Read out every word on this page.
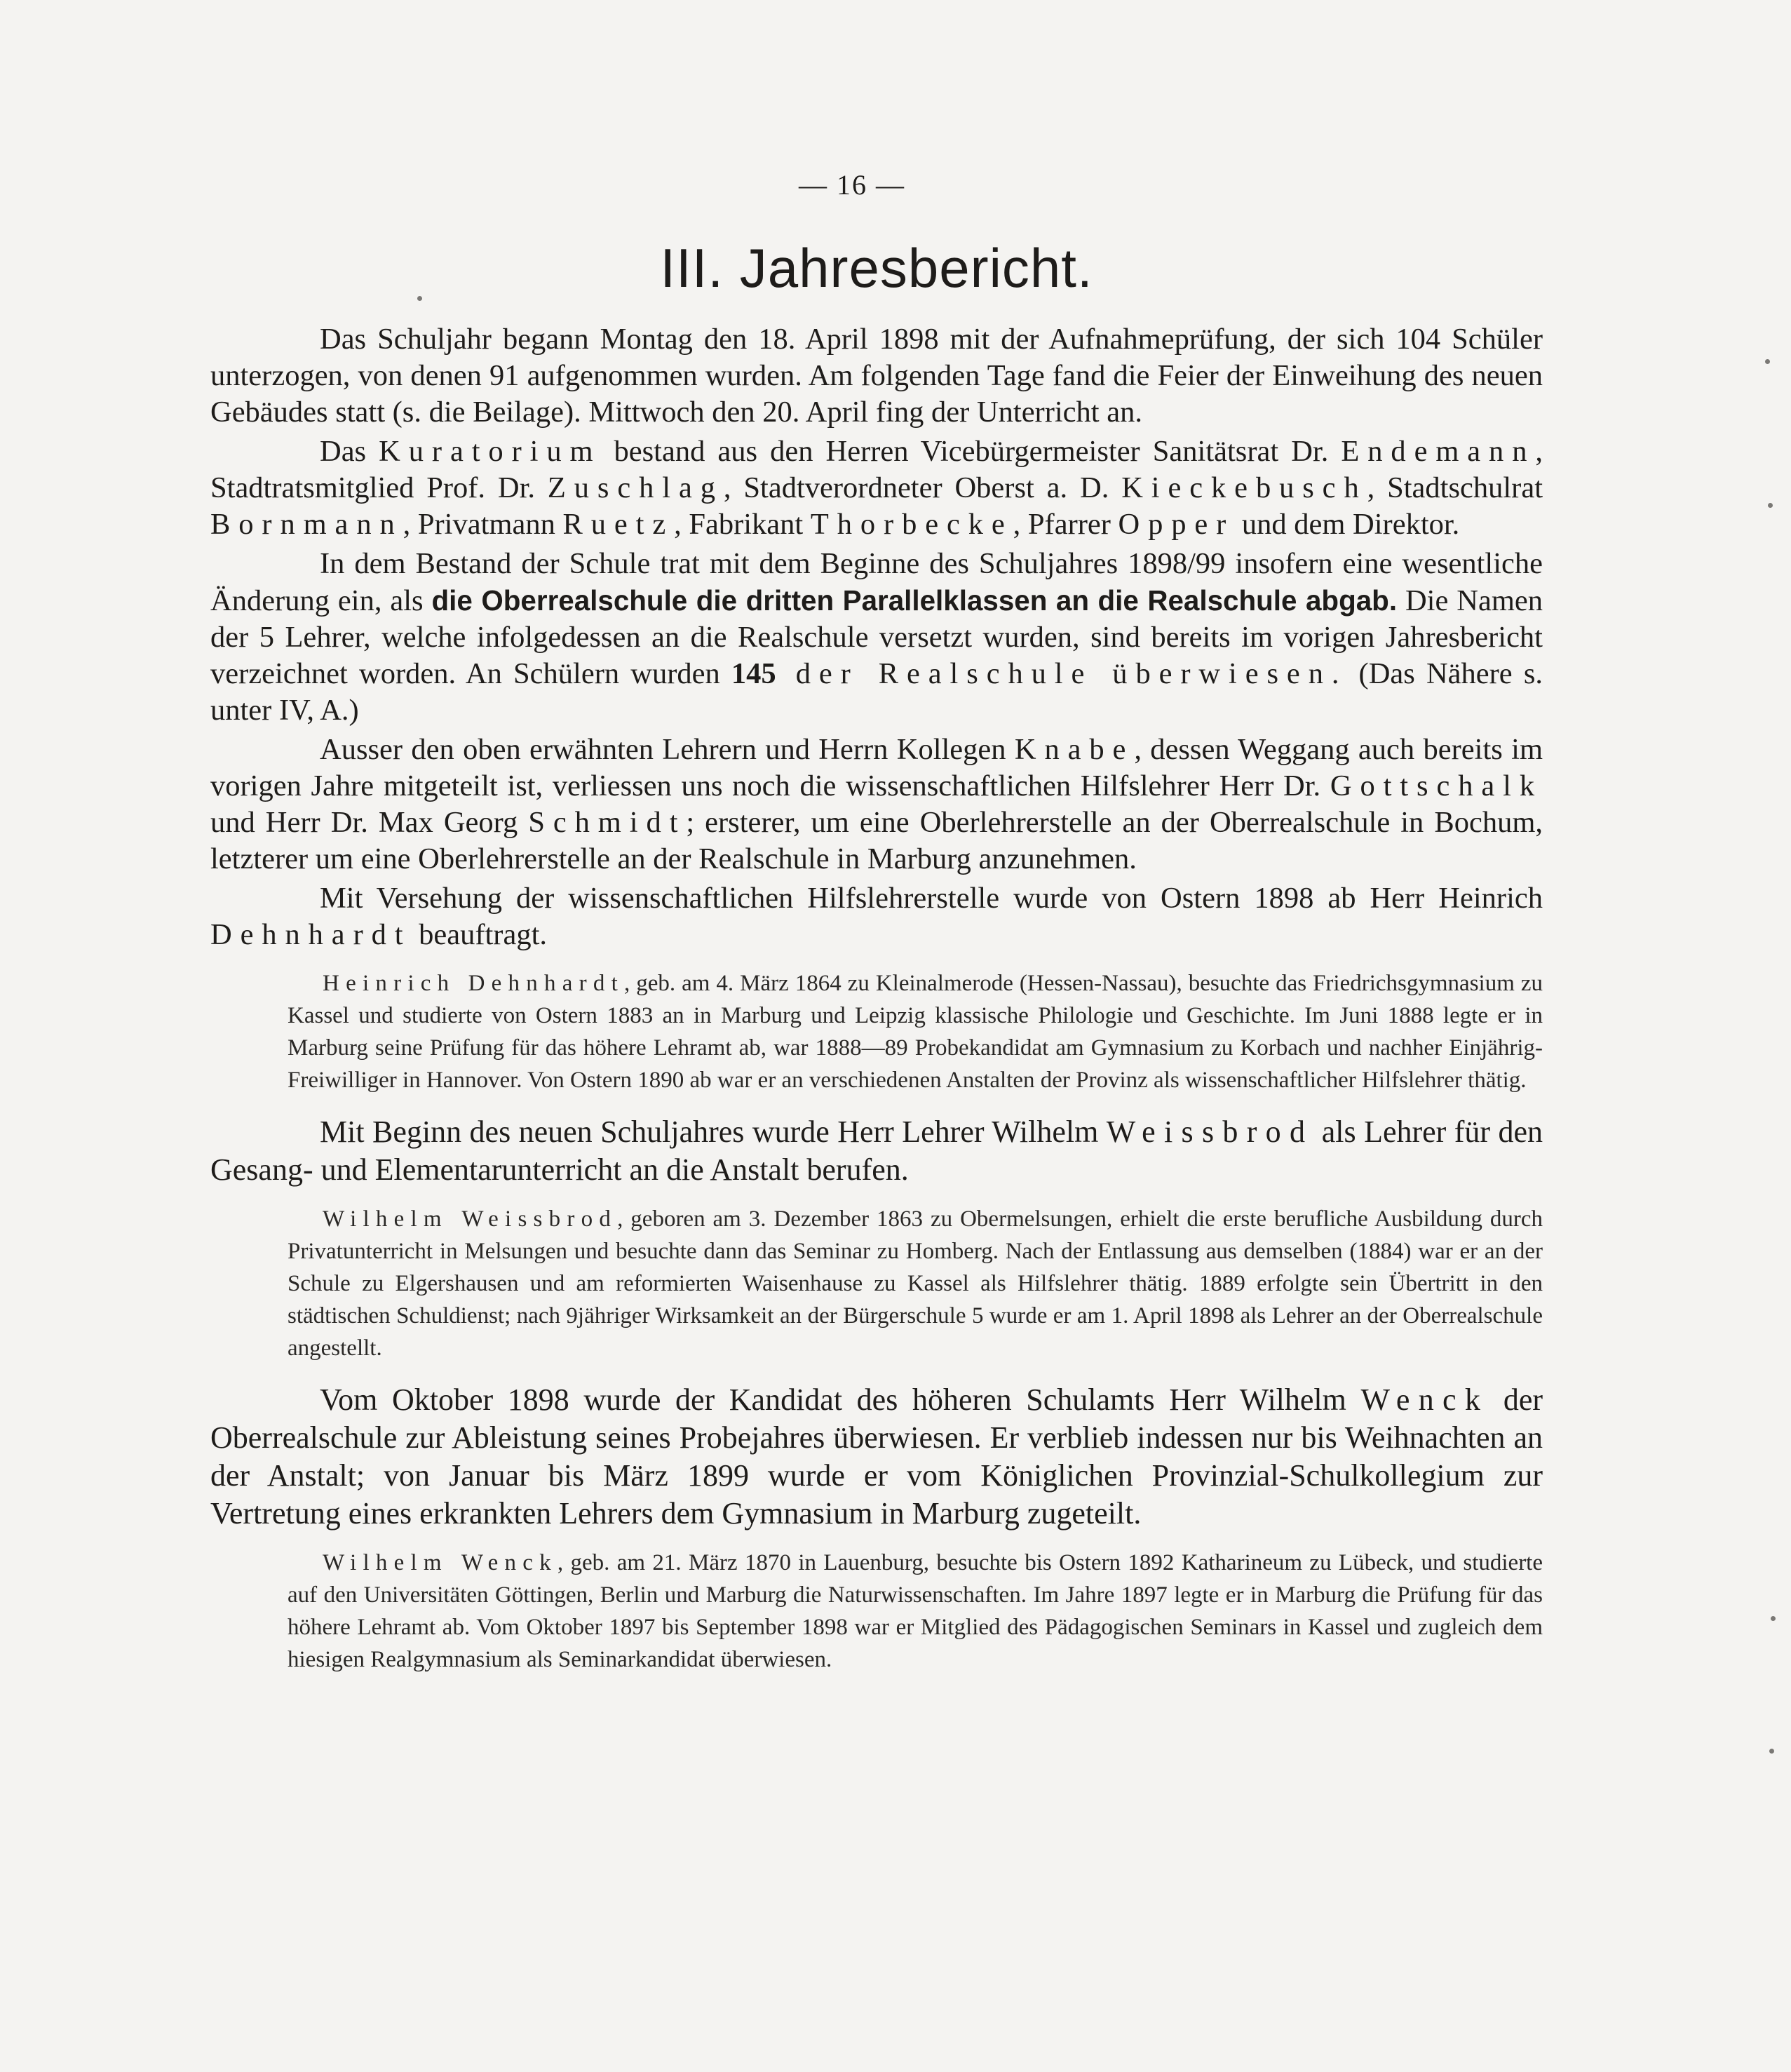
— 16 —
III. Jahresbericht.

Das Schuljahr begann Montag den 18. April 1898 mit der Aufnahmeprüfung, der sich 104 Schüler unterzogen, von denen 91 aufgenommen wurden. Am folgenden Tage fand die Feier der Einweihung des neuen Gebäudes statt (s. die Beilage). Mittwoch den 20. April fing der Unterricht an.

Das Kuratorium bestand aus den Herren Vicebürgermeister Sanitätsrat Dr. Endemann, Stadtratsmitglied Prof. Dr. Zuschlag, Stadtverordneter Oberst a. D. Kieckebusch, Stadtschulrat Bornmann, Privatmann Ruetz, Fabrikant Thorbecke, Pfarrer Opper und dem Direktor.

In dem Bestand der Schule trat mit dem Beginne des Schuljahres 1898/99 insofern eine wesentliche Änderung ein, als die Oberrealschule die dritten Parallelklassen an die Realschule abgab. Die Namen der 5 Lehrer, welche infolgedessen an die Realschule versetzt wurden, sind bereits im vorigen Jahresbericht verzeichnet worden. An Schülern wurden 145 der Realschule überwiesen. (Das Nähere s. unter IV, A.)

Ausser den oben erwähnten Lehrern und Herrn Kollegen Knabe, dessen Weggang auch bereits im vorigen Jahre mitgeteilt ist, verliessen uns noch die wissenschaftlichen Hilfslehrer Herr Dr. Gottschalk und Herr Dr. Max Georg Schmidt; ersterer, um eine Oberlehrerstelle an der Oberrealschule in Bochum, letzterer um eine Oberlehrerstelle an der Realschule in Marburg anzunehmen.

Mit Versehung der wissenschaftlichen Hilfslehrerstelle wurde von Ostern 1898 ab Herr Heinrich Dehnhardt beauftragt.

Heinrich Dehnhardt, geb. am 4. März 1864 zu Kleinalmerode (Hessen-Nassau), besuchte das Friedrichsgymnasium zu Kassel und studierte von Ostern 1883 an in Marburg und Leipzig klassische Philologie und Geschichte. Im Juni 1888 legte er in Marburg seine Prüfung für das höhere Lehramt ab, war 1888—89 Probekandidat am Gymnasium zu Korbach und nachher Einjährig-Freiwilliger in Hannover. Von Ostern 1890 ab war er an verschiedenen Anstalten der Provinz als wissenschaftlicher Hilfslehrer thätig.

Mit Beginn des neuen Schuljahres wurde Herr Lehrer Wilhelm Weissbrod als Lehrer für den Gesang- und Elementarunterricht an die Anstalt berufen.

Wilhelm Weissbrod, geboren am 3. Dezember 1863 zu Obermelsungen, erhielt die erste berufliche Ausbildung durch Privatunterricht in Melsungen und besuchte dann das Seminar zu Homberg. Nach der Entlassung aus demselben (1884) war er an der Schule zu Elgershausen und am reformierten Waisenhause zu Kassel als Hilfslehrer thätig. 1889 erfolgte sein Übertritt in den städtischen Schuldienst; nach 9jähriger Wirksamkeit an der Bürgerschule 5 wurde er am 1. April 1898 als Lehrer an der Oberrealschule angestellt.

Vom Oktober 1898 wurde der Kandidat des höheren Schulamts Herr Wilhelm Wenck der Oberrealschule zur Ableistung seines Probejahres überwiesen. Er verblieb indessen nur bis Weihnachten an der Anstalt; von Januar bis März 1899 wurde er vom Königlichen Provinzial-Schulkollegium zur Vertretung eines erkrankten Lehrers dem Gymnasium in Marburg zugeteilt.

Wilhelm Wenck, geb. am 21. März 1870 in Lauenburg, besuchte bis Ostern 1892 Katharineum zu Lübeck, und studierte auf den Universitäten Göttingen, Berlin und Marburg die Naturwissenschaften. Im Jahre 1897 legte er in Marburg die Prüfung für das höhere Lehramt ab. Vom Oktober 1897 bis September 1898 war er Mitglied des Pädagogischen Seminars in Kassel und zugleich dem hiesigen Realgymnasium als Seminarkandidat überwiesen.
